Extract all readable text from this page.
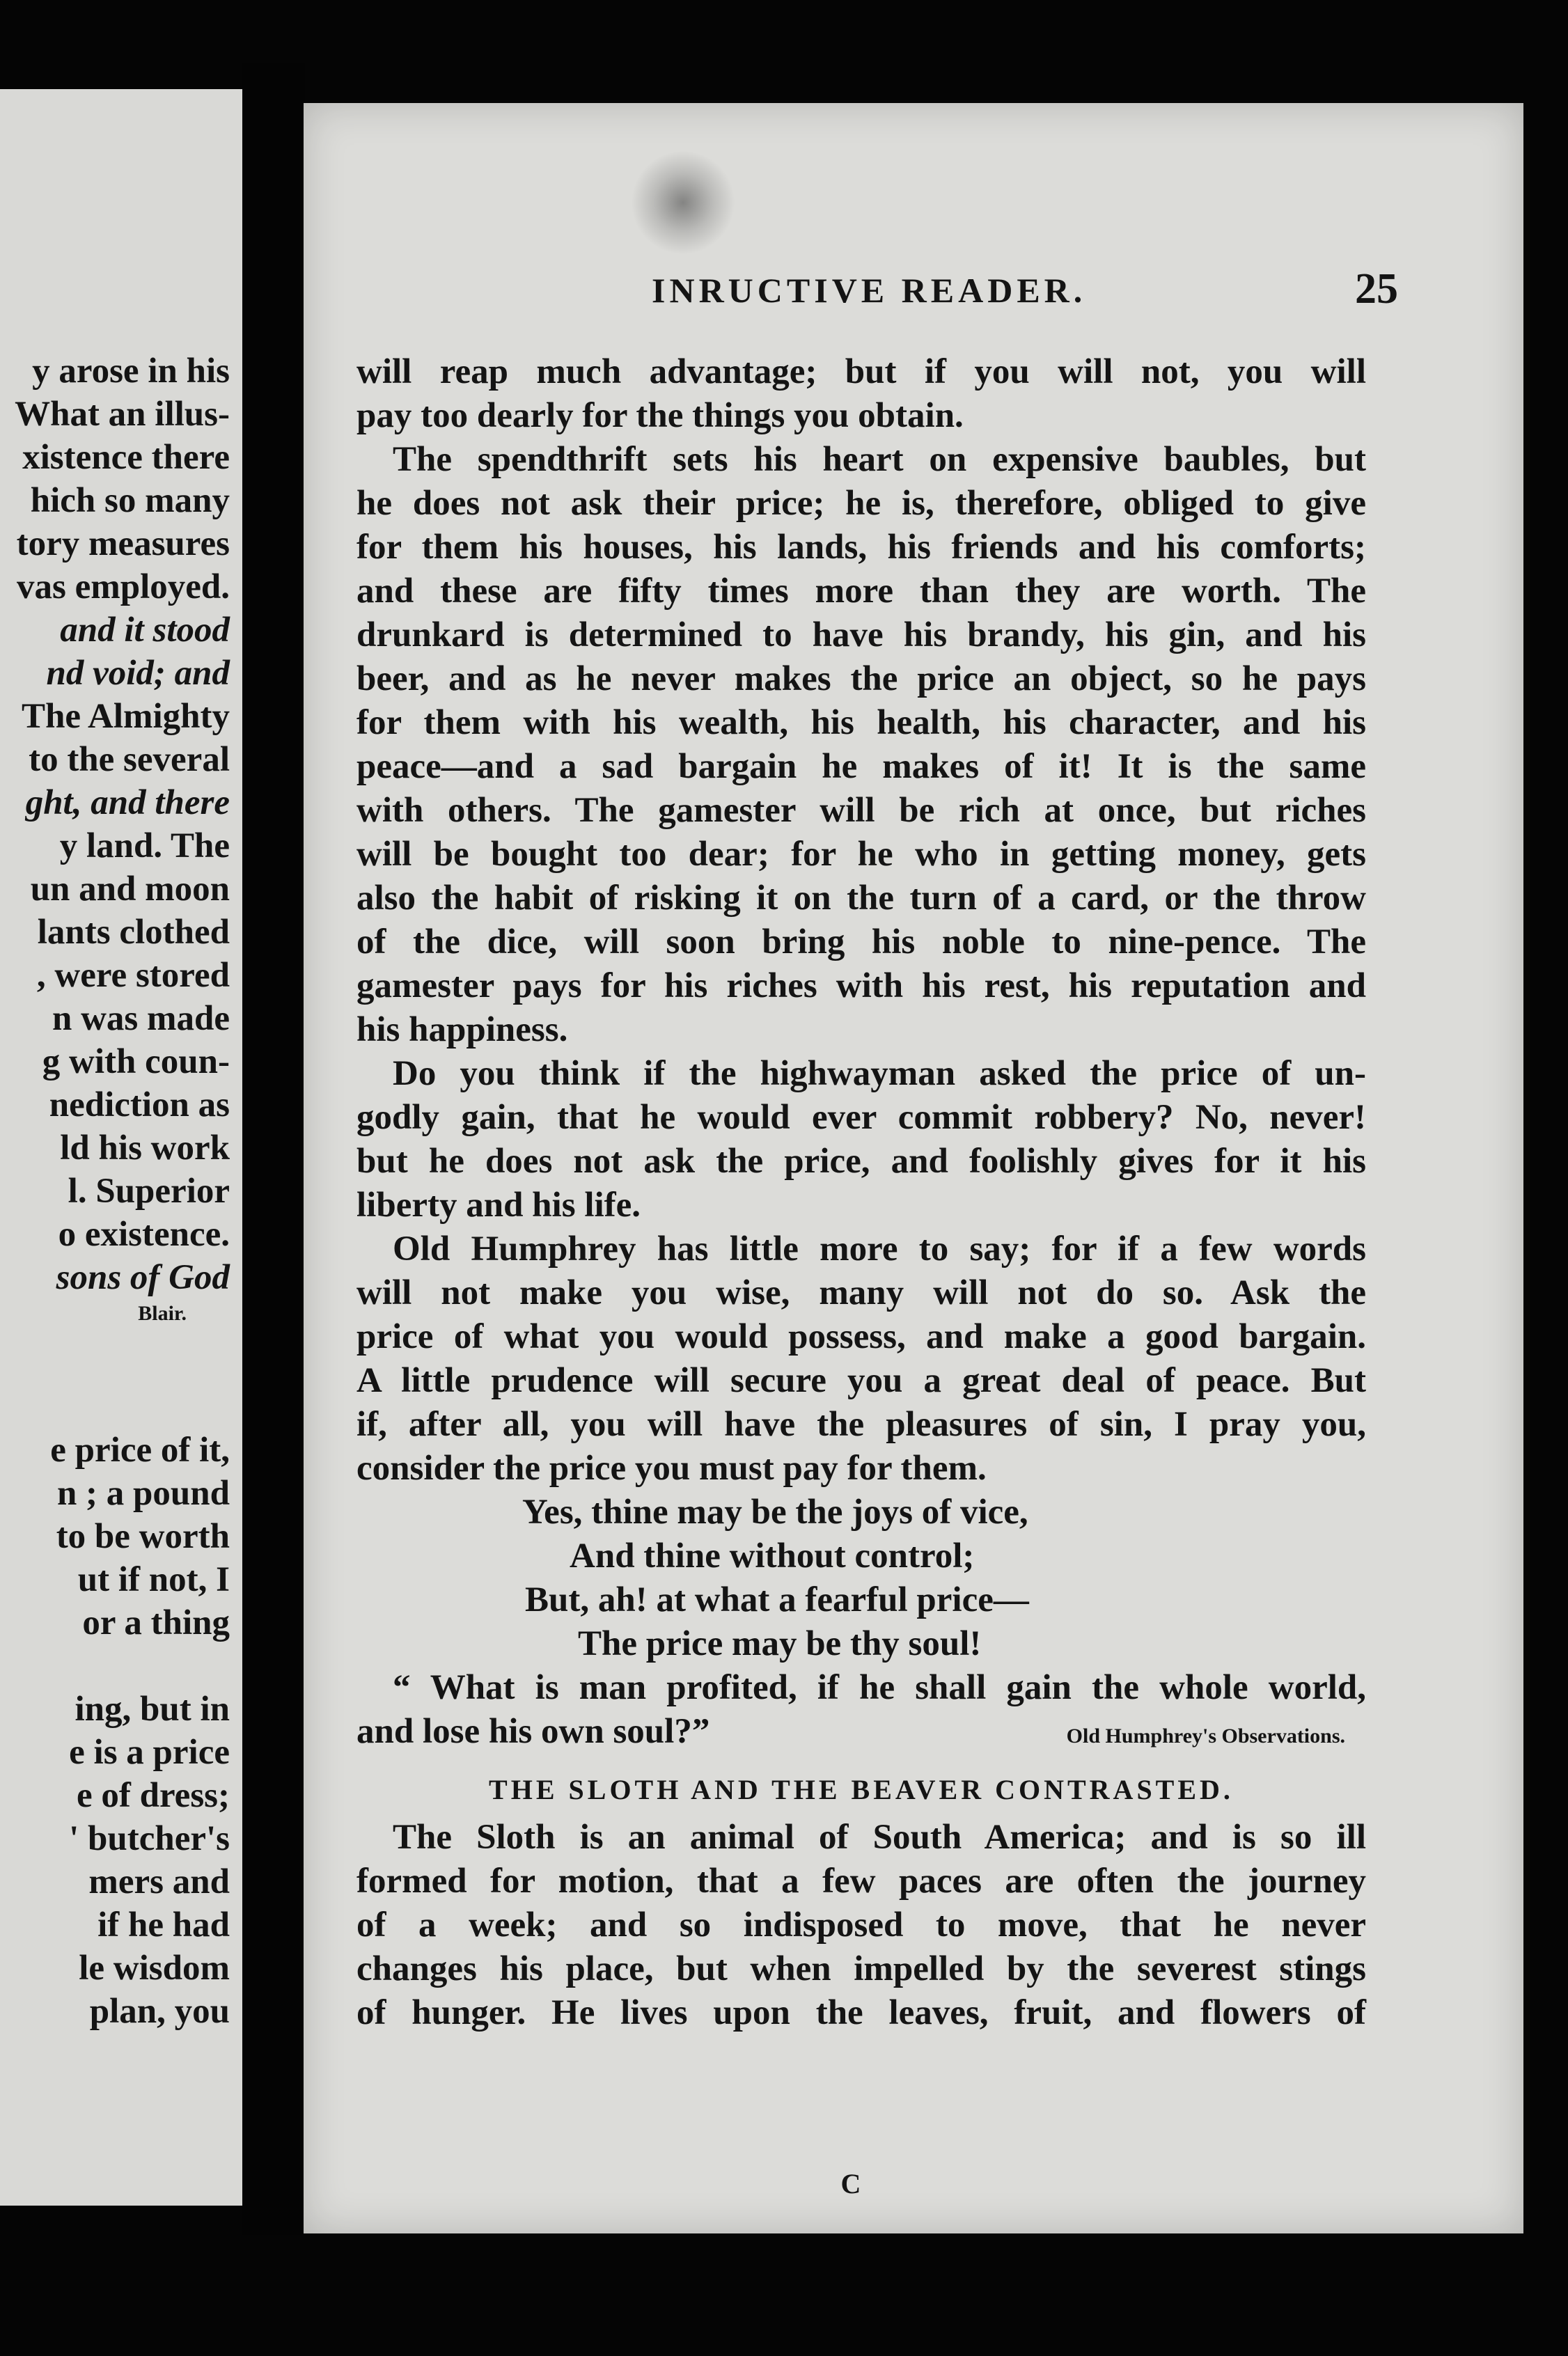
y arose in his
What an illus-
xistence there
hich so many
tory measures
vas employed.
and it stood
nd void; and
The Almighty
to the several
ght, and there
y land. The
un and moon
lants clothed
, were stored
n was made
g with coun-
nediction as
ld his work
l. Superior
o existence.
sons of God
Blair.
e price of it,
n ; a pound
to be worth
ut if not, I
or a thing
ing, but in
e is a price
e of dress;
' butcher's
mers and
if he had
le wisdom
plan, you
IN​RUCTIVE READER.	25
will reap much advantage; but if you will not, you will
pay too dearly for the things you obtain.
The spendthrift sets his heart on expensive baubles, but
he does not ask their price; he is, therefore, obliged to give
for them his houses, his lands, his friends and his comforts;
and these are fifty times more than they are worth. The
drunkard is determined to have his brandy, his gin, and his
beer, and as he never makes the price an object, so he pays
for them with his wealth, his health, his character, and his
peace—and a sad bargain he makes of it! It is the same
with others. The gamester will be rich at once, but riches
will be bought too dear; for he who in getting money, gets
also the habit of risking it on the turn of a card, or the throw
of the dice, will soon bring his noble to nine-pence. The
gamester pays for his riches with his rest, his reputation and
his happiness.
Do you think if the highwayman asked the price of un-
godly gain, that he would ever commit robbery? No, never!
but he does not ask the price, and foolishly gives for it his
liberty and his life.
Old Humphrey has little more to say; for if a few words
will not make you wise, many will not do so. Ask the
price of what you would possess, and make a good bargain.
A little prudence will secure you a great deal of peace. But
if, after all, you will have the pleasures of sin, I pray you,
consider the price you must pay for them.
Yes, thine may be the joys of vice,
And thine without control;
But, ah! at what a fearful price—
The price may be thy soul!
“ What is man profited, if he shall gain the whole world,
and lose his own soul?”	Old Humphrey's Observations.
THE SLOTH AND THE BEAVER CONTRASTED.
The Sloth is an animal of South America; and is so ill
formed for motion, that a few paces are often the journey
of a week; and so indisposed to move, that he never
changes his place, but when impelled by the severest stings
of hunger. He lives upon the leaves, fruit, and flowers of
C
